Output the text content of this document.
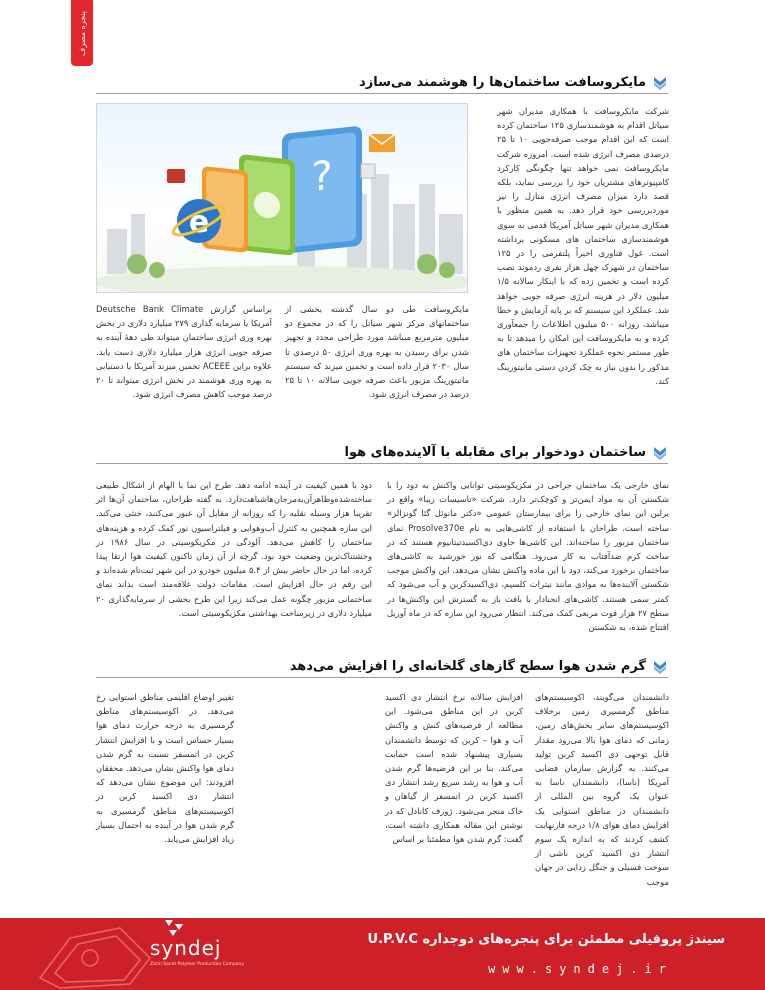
پنجره مصرف
مایکروسافت ساختمان‌ها را هوشمند می‌سازد
?
e
شرکت مایکروسافت با همکاری مدیران شهر سیاتل اقدام به هوشمندسازی ۱۲۵ ساختمان کرده است که این اقدام موجب صرفه‌جویی ۱۰ تا ۲۵ درصدی مصرف انرژی شده است. امروزه شرکت مایکروسافت نمی خواهد تنها چگونگی کارکرد کامپیوترهای مشتریان خود را بررسی نماید، بلکه قصد دارد میزان مصرف انرژی منازل را نیز موردبررسی خود قرار دهد. به همین منظور با همکاری مدیران شهر سیاتل آمریکا قدمی به سوی هوشمندسازی ساختمان های مسکونی برداشته است. غول فناوری اخیراً پلتفرمی را در ۱۲۵ ساختمان در شهرک چهل هزار نفری ردموند نصب کرده است و تخمین زده که با اینکار سالانه ۱/۵ میلیون دلار در هزینه انرژی صرفه جویی خواهد شد. عملکرد این سیستم که بر پایه آزمایش و خطا میباشد، روزانه ۵۰۰ میلیون اطلاعات را جمعآوری کرده و به مایکروسافت این امکان را میدهد تا به طور مستمر نحوه عملکرد تجهیزات ساختمان های مذکور را بدون نیاز به چک کردن دستی مانیتورینگ کند.
مایکروسافت طی دو سال گذشته بخشی از ساختمانهای مرکز شهر سیاتل را که در مجموع دو میلیون مترمربع میباشد مورد طراحی مجدد و تجهیز شدن برای رسیدن به بهره وری انرژی ۵۰ درصدی تا سال ۲۰۳۰ قرار داده است و تخمین میزند که سیستم مانیتورینگ مزبور باعث صرفه جویی سالانه ۱۰ تا ۲۵ درصد در مصرف انرژی شود.
براساس گزارش Deutsche Bank Climate آمریکا با سرمایه گذاری ۲۷۹ میلیارد دلاری در بخش بهره وری انرژی ساختمان میتواند طی دهۀ آینده به صرفه جویی انرژی هزار میلیارد دلاری دست یابد. علاوه براین ACEEE تخمین میزند آمریکا با دستیابی به بهره وری هوشمند در بخش انرژی میتواند تا ۲۰ درصد موجب کاهش مصرف انرژی شود.
ساختمان دودخوار برای مقابله با آلاینده‌های هوا
نمای خارجی یک ساختمان جراحی در مکزیکوسیتی توانایی واکنش به دود را با شکستن آن به مواد ایمن‌تر و کوچک‌تر دارد. شرکت «تاسیسات زیبا» واقع در برلین این نمای خارجی را برای بیمارستان عمومی «دکتر مانوئل گئا گونزالز» ساخته است. طراحان با استفاده از کاشی‌هایی به نام Prosolve370e نمای ساختمان مزبور را ساخته‌اند. این کاشی‌ها حاوی دی‌اکسیدتیتانیوم هستند که در ساخت کرم ضدآفتاب به کار می‌رود. هنگامی که نور خورشید به کاشی‌های ساختمان برخورد می‌کند، دود با این ماده واکنش نشان می‌دهد. این واکنش موجب شکستن آلاینده‌ها به موادی مانند نیترات کلسیم، دی‌اکسیدکربن و آب می‌شود که کمتر سمی هستند. کاشی‌های انحنادار با بافت باز به گسترش این واکنش‌ها در سطح ۲۷ هزار فوت مربعی کمک می‌کند. انتظار می‌رود این سازه که در ماه آوریل افتتاح شده، به شکستن
دود با همین کیفیت در آینده ادامه دهد. طرح این نما با الهام از اشکال طبیعی ساخته‌شده‌وظاهرآن‌به‌مرجان‌هاشباهت‌دارد. به گفته طراحان، ساختمان آن‌ها اثر تقریبا هزار وسیله نقلیه را که روزانه از مقابل آن عبور می‌کنند، خنثی می‌کند. این سازه همچنین به کنترل آب‌وهوایی و فیلتراسیون نور کمک کرده و هزینه‌های ساختمان را کاهش می‌دهد. آلودگی در مکزیکوسیتی در سال ۱۹۸۶ در وخشتناک‌ترین وضعیت خود بود. گرچه از آن زمان تاکنون کیفیت هوا ارتقا پیدا کرده، اما در حال حاضر بیش از ۵.۴ میلیون خودرو در این شهر ثبت‌نام شده‌اند و این رقم در حال افزایش است. مقامات دولت علاقه‌مند است بداند نمای ساختمانی مزبور چگونه عمل می‌کند زیرا این طرح بخشی از سرمایه‌گذاری ۲۰ میلیارد دلاری در زیرساخت بهداشتی مکزیکوسیتی است.
گرم شدن هوا سطح گازهای گلخانه‌ای را افزایش می‌دهد
دانشمندان می‌گویند، اکوسیستم‌های مناطق گرمسیری زمین برخلاف اکوسیستم‌های سایر بخش‌های زمین، زمانی که دمای هوا بالا می‌رود مقدار قابل توجهی دی اکسید کربن تولید می‌کنند. به گزارش سازمان فضایی آمریکا (ناسا)، دانشمندان ناسا به عنوان یک گروه بین المللی از دانشمندان در مناطق استوایی یک افزایش دمای هوای ۱/۸ درجه فارنهایت کشف کردند که به اندازه یک سوم انتشار دی اکسید کربن ناشی از سوخت فسیلی و جنگل زدایی در جهان موجب
افزایش سالانه نرخ انتشار دی اکسید کربن در این مناطق می‌شود. این مطالعه از فرضیه‌های کنش و واکنش آب و هوا – کربن که توسط دانشمندان بسیاری پیشنهاد شده است حمایت می‌کند. بنا بر این فرضیه‌ها گرم شدن آب و هوا به رشد سریع رشد انتشار دی اکسید کربن در اتمسفر از گیاهان و خاک منجر می‌شود. ژورف کانادل که در نوشتن این مقاله همکاری داشته است، گفت: گرم شدن هوا مطمئنا بر اساس
تغییر اوضاع اقلیمی مناطق استوایی رخ می‌دهد. در اکوسیستم‌های مناطق گرمسیری به درجه حرارت دمای هوا بسیار حساس است و با افزایش انتشار کربن در اتمسفر نسبت به گرم شدن دمای هوا واکنش نشان می‌دهد. محققان افزودند: این موضوع نشان می‌دهد که انتشار دی اکسید کربن در اکوسیستم‌های مناطق گرمسیری به گرم شدن هوا در آینده به احتمال بسیار زیاد افزایش می‌یابد.
syndej
Zarin Sanat Polymer Production Company
سیندژ پروفیلی مطمئن برای پنجره‌های دوجداره U.P.V.C
www.syndej.ir
